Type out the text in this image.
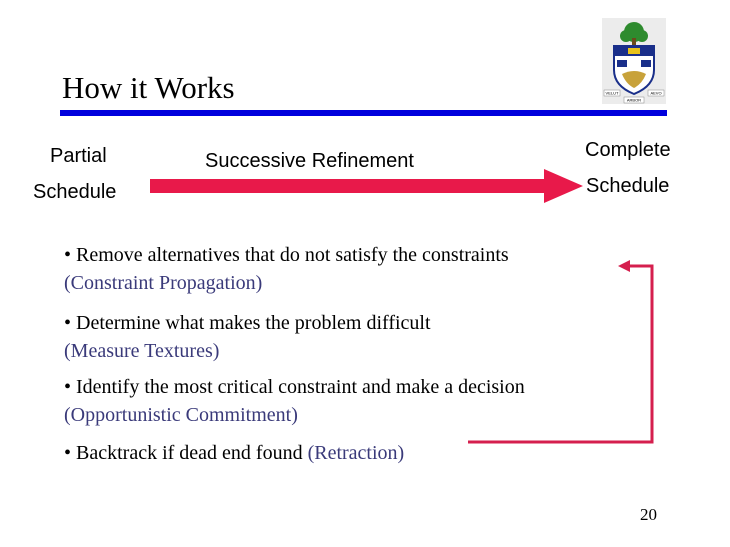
How it Works	VELUT	AEVO
ARBOR
Partial
Schedule
Successive Refinement	Complete
Schedule
• Remove alternatives that do not satisfy the constraints
(Constraint Propagation)
• Determine what makes the problem difficult
(Measure Textures)
• Identify the most critical constraint and make a decision
(Opportunistic Commitment)
• Backtrack if dead end found (Retraction)
20
